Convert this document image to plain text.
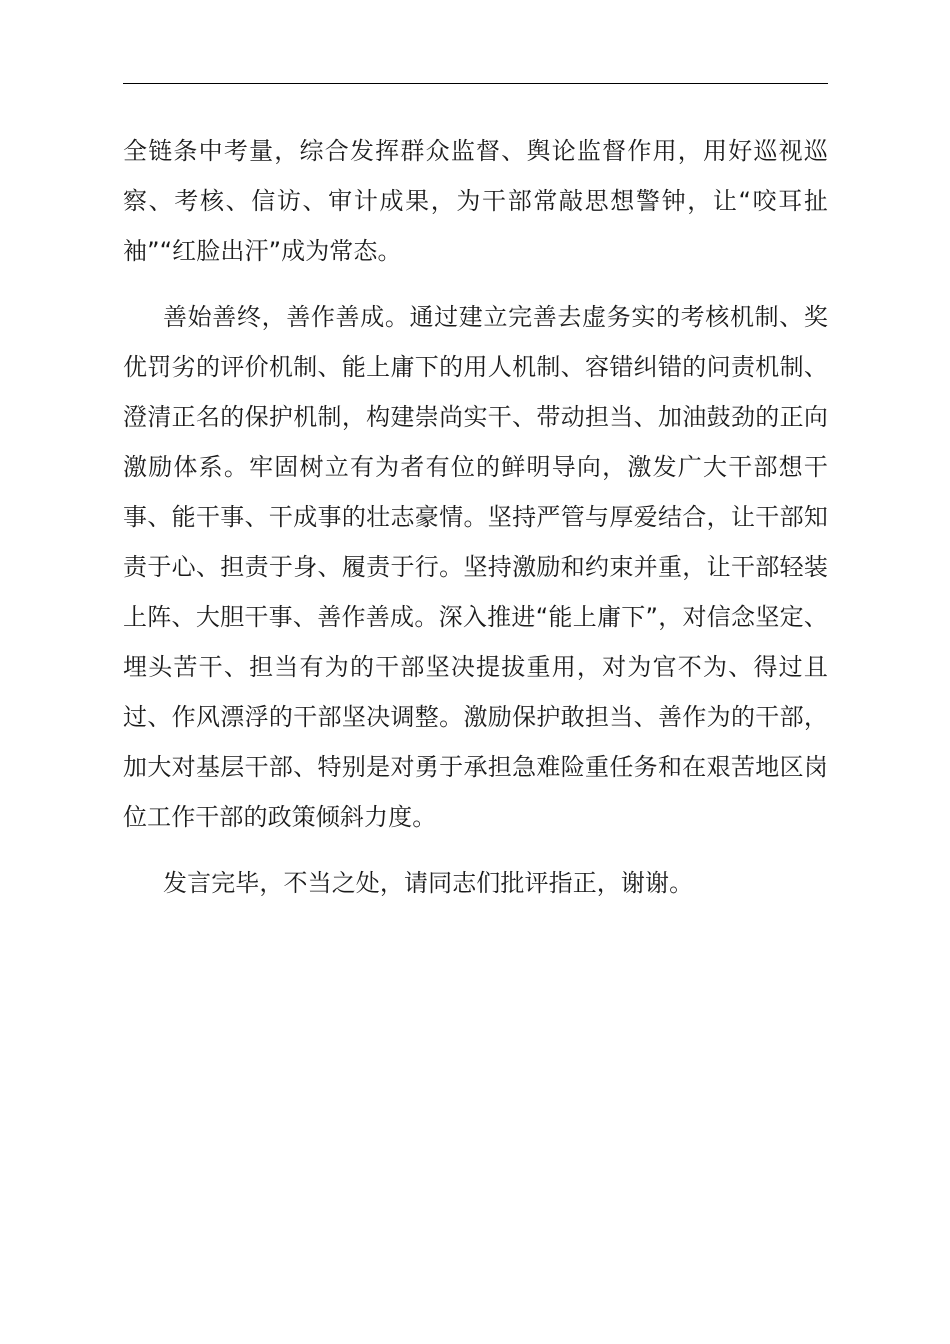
全链条中考量，综合发挥群众监督、舆论监督作用，用好巡视巡察、考核、信访、审计成果，为干部常敲思想警钟，让“咬耳扯袖”“红脸出汗”成为常态。

善始善终，善作善成。通过建立完善去虚务实的考核机制、奖优罚劣的评价机制、能上庸下的用人机制、容错纠错的问责机制、澄清正名的保护机制，构建崇尚实干、带动担当、加油鼓劲的正向激励体系。牢固树立有为者有位的鲜明导向，激发广大干部想干事、能干事、干成事的壮志豪情。坚持严管与厚爱结合，让干部知责于心、担责于身、履责于行。坚持激励和约束并重，让干部轻装上阵、大胆干事、善作善成。深入推进“能上庸下”，对信念坚定、埋头苦干、担当有为的干部坚决提拔重用，对为官不为、得过且过、作风漂浮的干部坚决调整。激励保护敢担当、善作为的干部，加大对基层干部、特别是对勇于承担急难险重任务和在艰苦地区岗位工作干部的政策倾斜力度。

发言完毕，不当之处，请同志们批评指正，谢谢。
